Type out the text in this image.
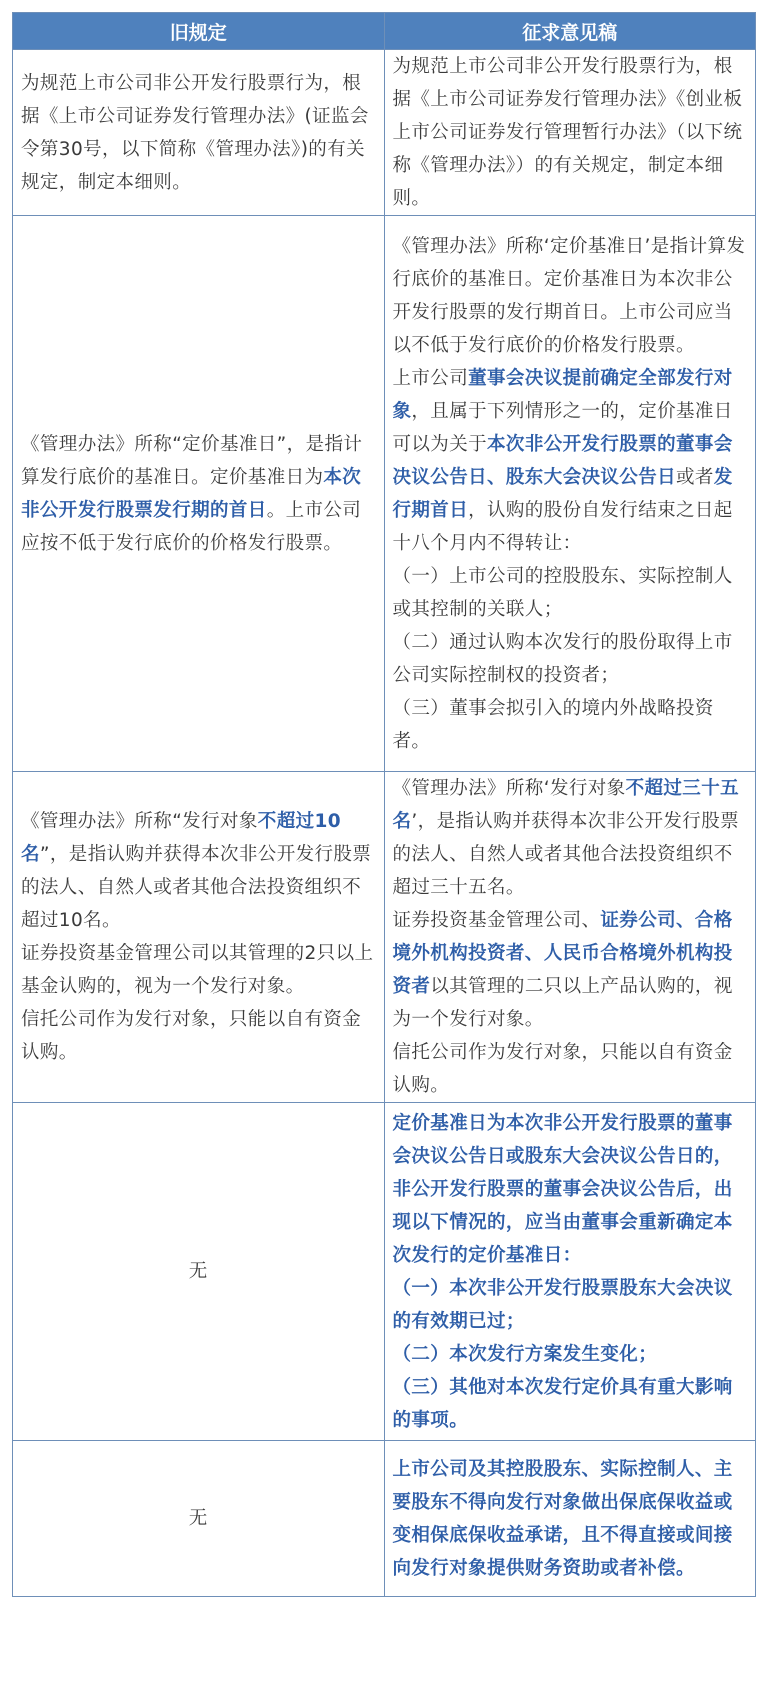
旧规定	征求意见稿

为规范上市公司非公开发行股票行为，根据《上市公司证券发行管理办法》(证监会令第30号，以下简称《管理办法》)的有关规定，制定本细则。	为规范上市公司非公开发行股票行为，根据《上市公司证券发行管理办法》《创业板上市公司证券发行管理暂行办法》（以下统称《管理办法》）的有关规定，制定本细则。

《管理办法》所称“定价基准日”，是指计算发行底价的基准日。定价基准日为本次非公开发行股票发行期的首日。上市公司应按不低于发行底价的价格发行股票。	《管理办法》所称‘定价基准日’是指计算发行底价的基准日。定价基准日为本次非公开发行股票的发行期首日。上市公司应当以不低于发行底价的价格发行股票。
上市公司董事会决议提前确定全部发行对象，且属于下列情形之一的，定价基准日可以为关于本次非公开发行股票的董事会决议公告日、股东大会决议公告日或者发行期首日，认购的股份自发行结束之日起十八个月内不得转让：
（一）上市公司的控股股东、实际控制人或其控制的关联人；
（二）通过认购本次发行的股份取得上市公司实际控制权的投资者；
（三）董事会拟引入的境内外战略投资者。

《管理办法》所称“发行对象不超过10名”，是指认购并获得本次非公开发行股票的法人、自然人或者其他合法投资组织不超过10名。
证券投资基金管理公司以其管理的2只以上基金认购的，视为一个发行对象。
信托公司作为发行对象，只能以自有资金认购。	《管理办法》所称‘发行对象不超过三十五名’，是指认购并获得本次非公开发行股票的法人、自然人或者其他合法投资组织不超过三十五名。
证券投资基金管理公司、证券公司、合格境外机构投资者、人民币合格境外机构投资者以其管理的二只以上产品认购的，视为一个发行对象。
信托公司作为发行对象，只能以自有资金认购。

无	定价基准日为本次非公开发行股票的董事会决议公告日或股东大会决议公告日的，非公开发行股票的董事会决议公告后，出现以下情况的，应当由董事会重新确定本次发行的定价基准日：
（一）本次非公开发行股票股东大会决议的有效期已过；
（二）本次发行方案发生变化；
（三）其他对本次发行定价具有重大影响的事项。

无	上市公司及其控股股东、实际控制人、主要股东不得向发行对象做出保底保收益或变相保底保收益承诺，且不得直接或间接向发行对象提供财务资助或者补偿。
